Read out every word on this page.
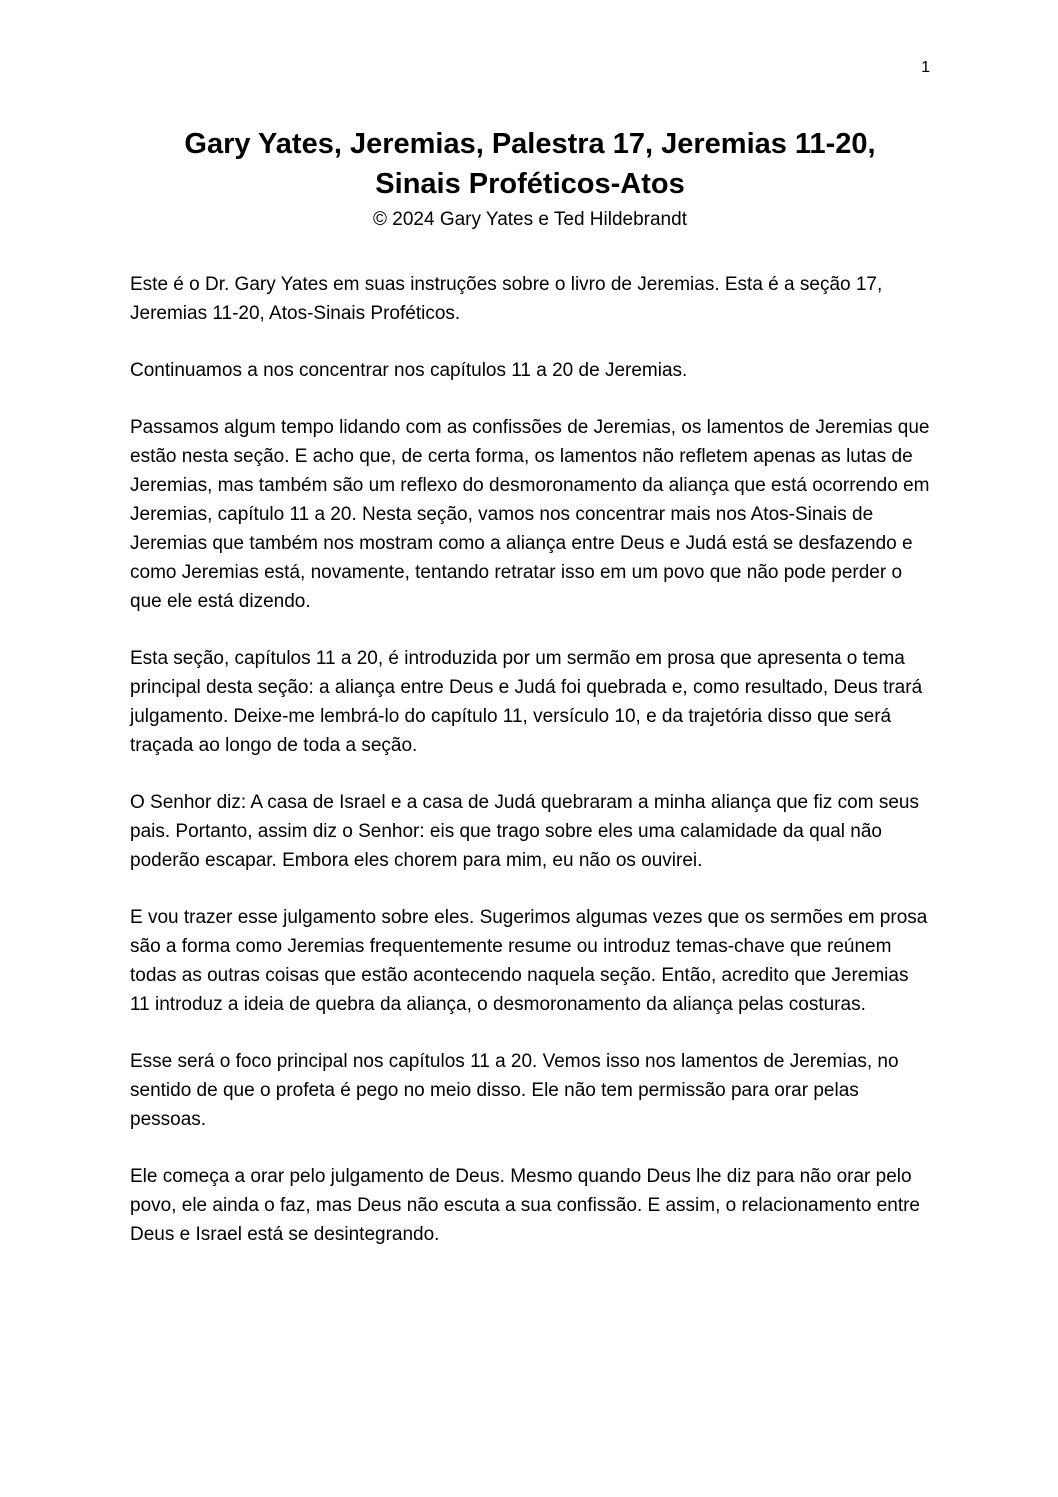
1
Gary Yates, Jeremias, Palestra 17, Jeremias 11-20,
Sinais Proféticos-Atos
© 2024 Gary Yates e Ted Hildebrandt

Este é o Dr. Gary Yates em suas instruções sobre o livro de Jeremias. Esta é a seção 17, Jeremias 11-20, Atos-Sinais Proféticos.

Continuamos a nos concentrar nos capítulos 11 a 20 de Jeremias.

Passamos algum tempo lidando com as confissões de Jeremias, os lamentos de Jeremias que estão nesta seção. E acho que, de certa forma, os lamentos não refletem apenas as lutas de Jeremias, mas também são um reflexo do desmoronamento da aliança que está ocorrendo em Jeremias, capítulo 11 a 20. Nesta seção, vamos nos concentrar mais nos Atos-Sinais de Jeremias que também nos mostram como a aliança entre Deus e Judá está se desfazendo e como Jeremias está, novamente, tentando retratar isso em um povo que não pode perder o que ele está dizendo.

Esta seção, capítulos 11 a 20, é introduzida por um sermão em prosa que apresenta o tema principal desta seção: a aliança entre Deus e Judá foi quebrada e, como resultado, Deus trará julgamento. Deixe-me lembrá-lo do capítulo 11, versículo 10, e da trajetória disso que será traçada ao longo de toda a seção.

O Senhor diz: A casa de Israel e a casa de Judá quebraram a minha aliança que fiz com seus pais. Portanto, assim diz o Senhor: eis que trago sobre eles uma calamidade da qual não poderão escapar. Embora eles chorem para mim, eu não os ouvirei.

E vou trazer esse julgamento sobre eles. Sugerimos algumas vezes que os sermões em prosa são a forma como Jeremias frequentemente resume ou introduz temas-chave que reúnem todas as outras coisas que estão acontecendo naquela seção. Então, acredito que Jeremias 11 introduz a ideia de quebra da aliança, o desmoronamento da aliança pelas costuras.

Esse será o foco principal nos capítulos 11 a 20. Vemos isso nos lamentos de Jeremias, no sentido de que o profeta é pego no meio disso. Ele não tem permissão para orar pelas pessoas.

Ele começa a orar pelo julgamento de Deus. Mesmo quando Deus lhe diz para não orar pelo povo, ele ainda o faz, mas Deus não escuta a sua confissão. E assim, o relacionamento entre Deus e Israel está se desintegrando.
